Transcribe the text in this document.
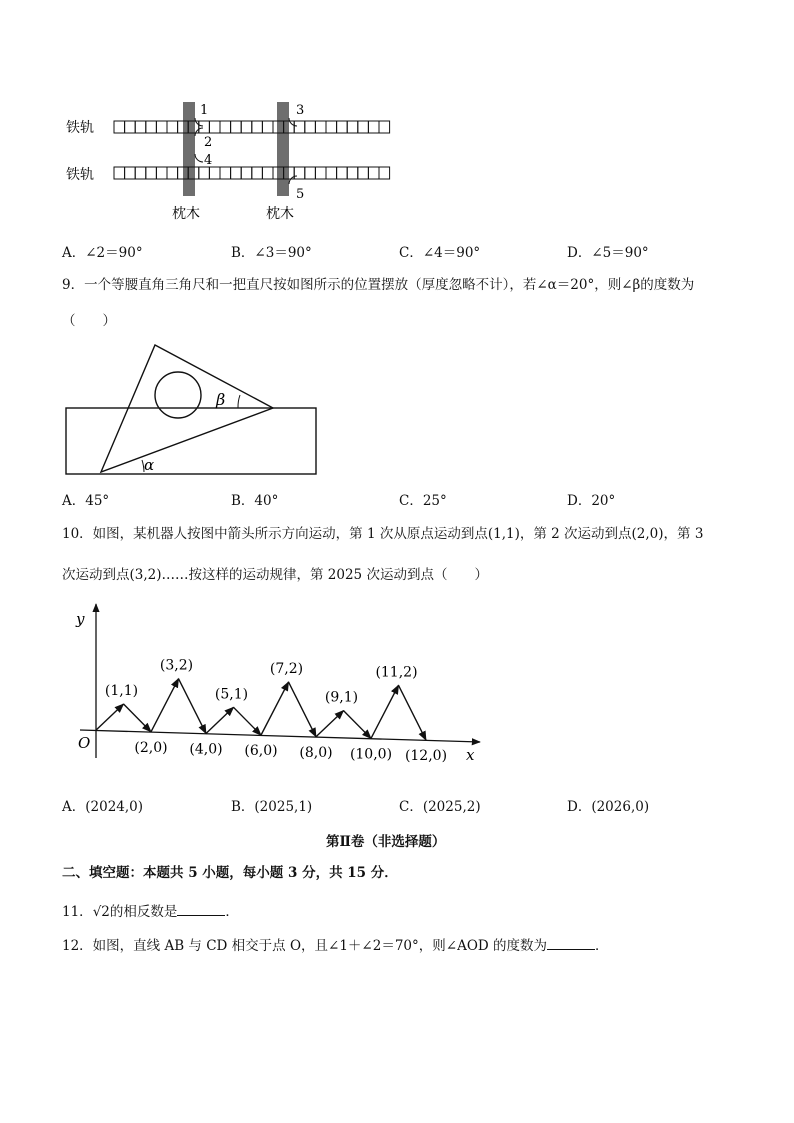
铁轨
铁轨
1
2
3
4
5
枕木	枕木
A．∠2＝90°	B．∠3＝90°	C．∠4＝90°	D．∠5＝90°
9．一个等腰直角三角尺和一把直尺按如图所示的位置摆放（厚度忽略不计），若∠α＝20°，则∠β的度数为
（　　）
α
β
A．45°	B．40°	C．25°	D．20°
10．如图，某机器人按图中箭头所示方向运动，第 1 次从原点运动到点(1,1)，第 2 次运动到点(2,0)，第 3
次运动到点(3,2)……按这样的运动规律，第 2025 次运动到点（　　）
y
x
O
(1,1)
(2,0)
(3,2)
(4,0)
(5,1)
(6,0)
(7,2)
(8,0)
(9,1)
(10,0)
(11,2)
(12,0)
A．(2024,0)	B．(2025,1)	C．(2025,2)	D．(2026,0)
第Ⅱ卷（非选择题）
二、填空题：本题共 5 小题，每小题 3 分，共 15 分．
11．√2的相反数是	．
12．如图，直线 AB 与 CD 相交于点 O，且∠1＋∠2＝70°，则∠AOD 的度数为	．
